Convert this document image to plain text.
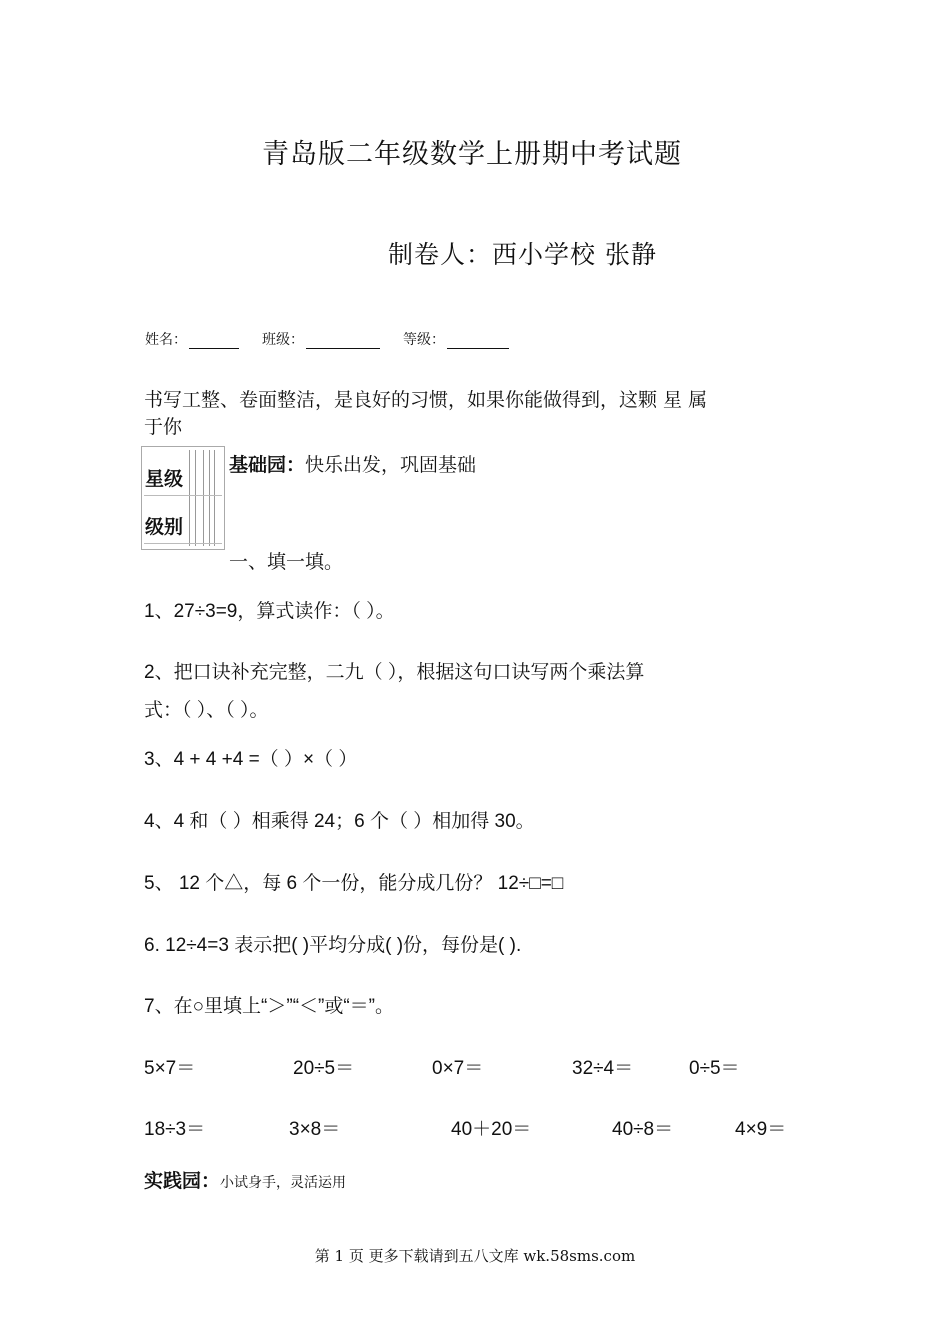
青岛版二年级数学上册期中考试题
制卷人：西小学校 张静
姓名：	班级：	等级：
书写工整、卷面整洁，是良好的习惯，如果你能做得到，这颗 星 属
于你
星级
级别
基础园：快乐出发，巩固基础
一、填一填。
1、27÷3=9，算式读作：（ ）。
2、把口诀补充完整，二九（ ），根据这句口诀写两个乘法算
式：（ ）、（ ）。
3、4 + 4 +4 =（ ）×（ ）
4、4 和（ ）相乘得 24；6 个（ ）相加得 30。
5、 12 个△，每 6 个一份，能分成几份？ 12÷□=□
6. 12÷4=3 表示把( )平均分成( )份，每份是( ).
7、在○里填上“＞”“＜”或“＝”。
5×7＝	20÷5＝	0×7＝	32÷4＝	0÷5＝
18÷3＝	3×8＝	40＋20＝	40÷8＝	4×9＝
实践园：小试身手，灵活运用
第 1 页 更多下载请到五八文库 wk.58sms.com
